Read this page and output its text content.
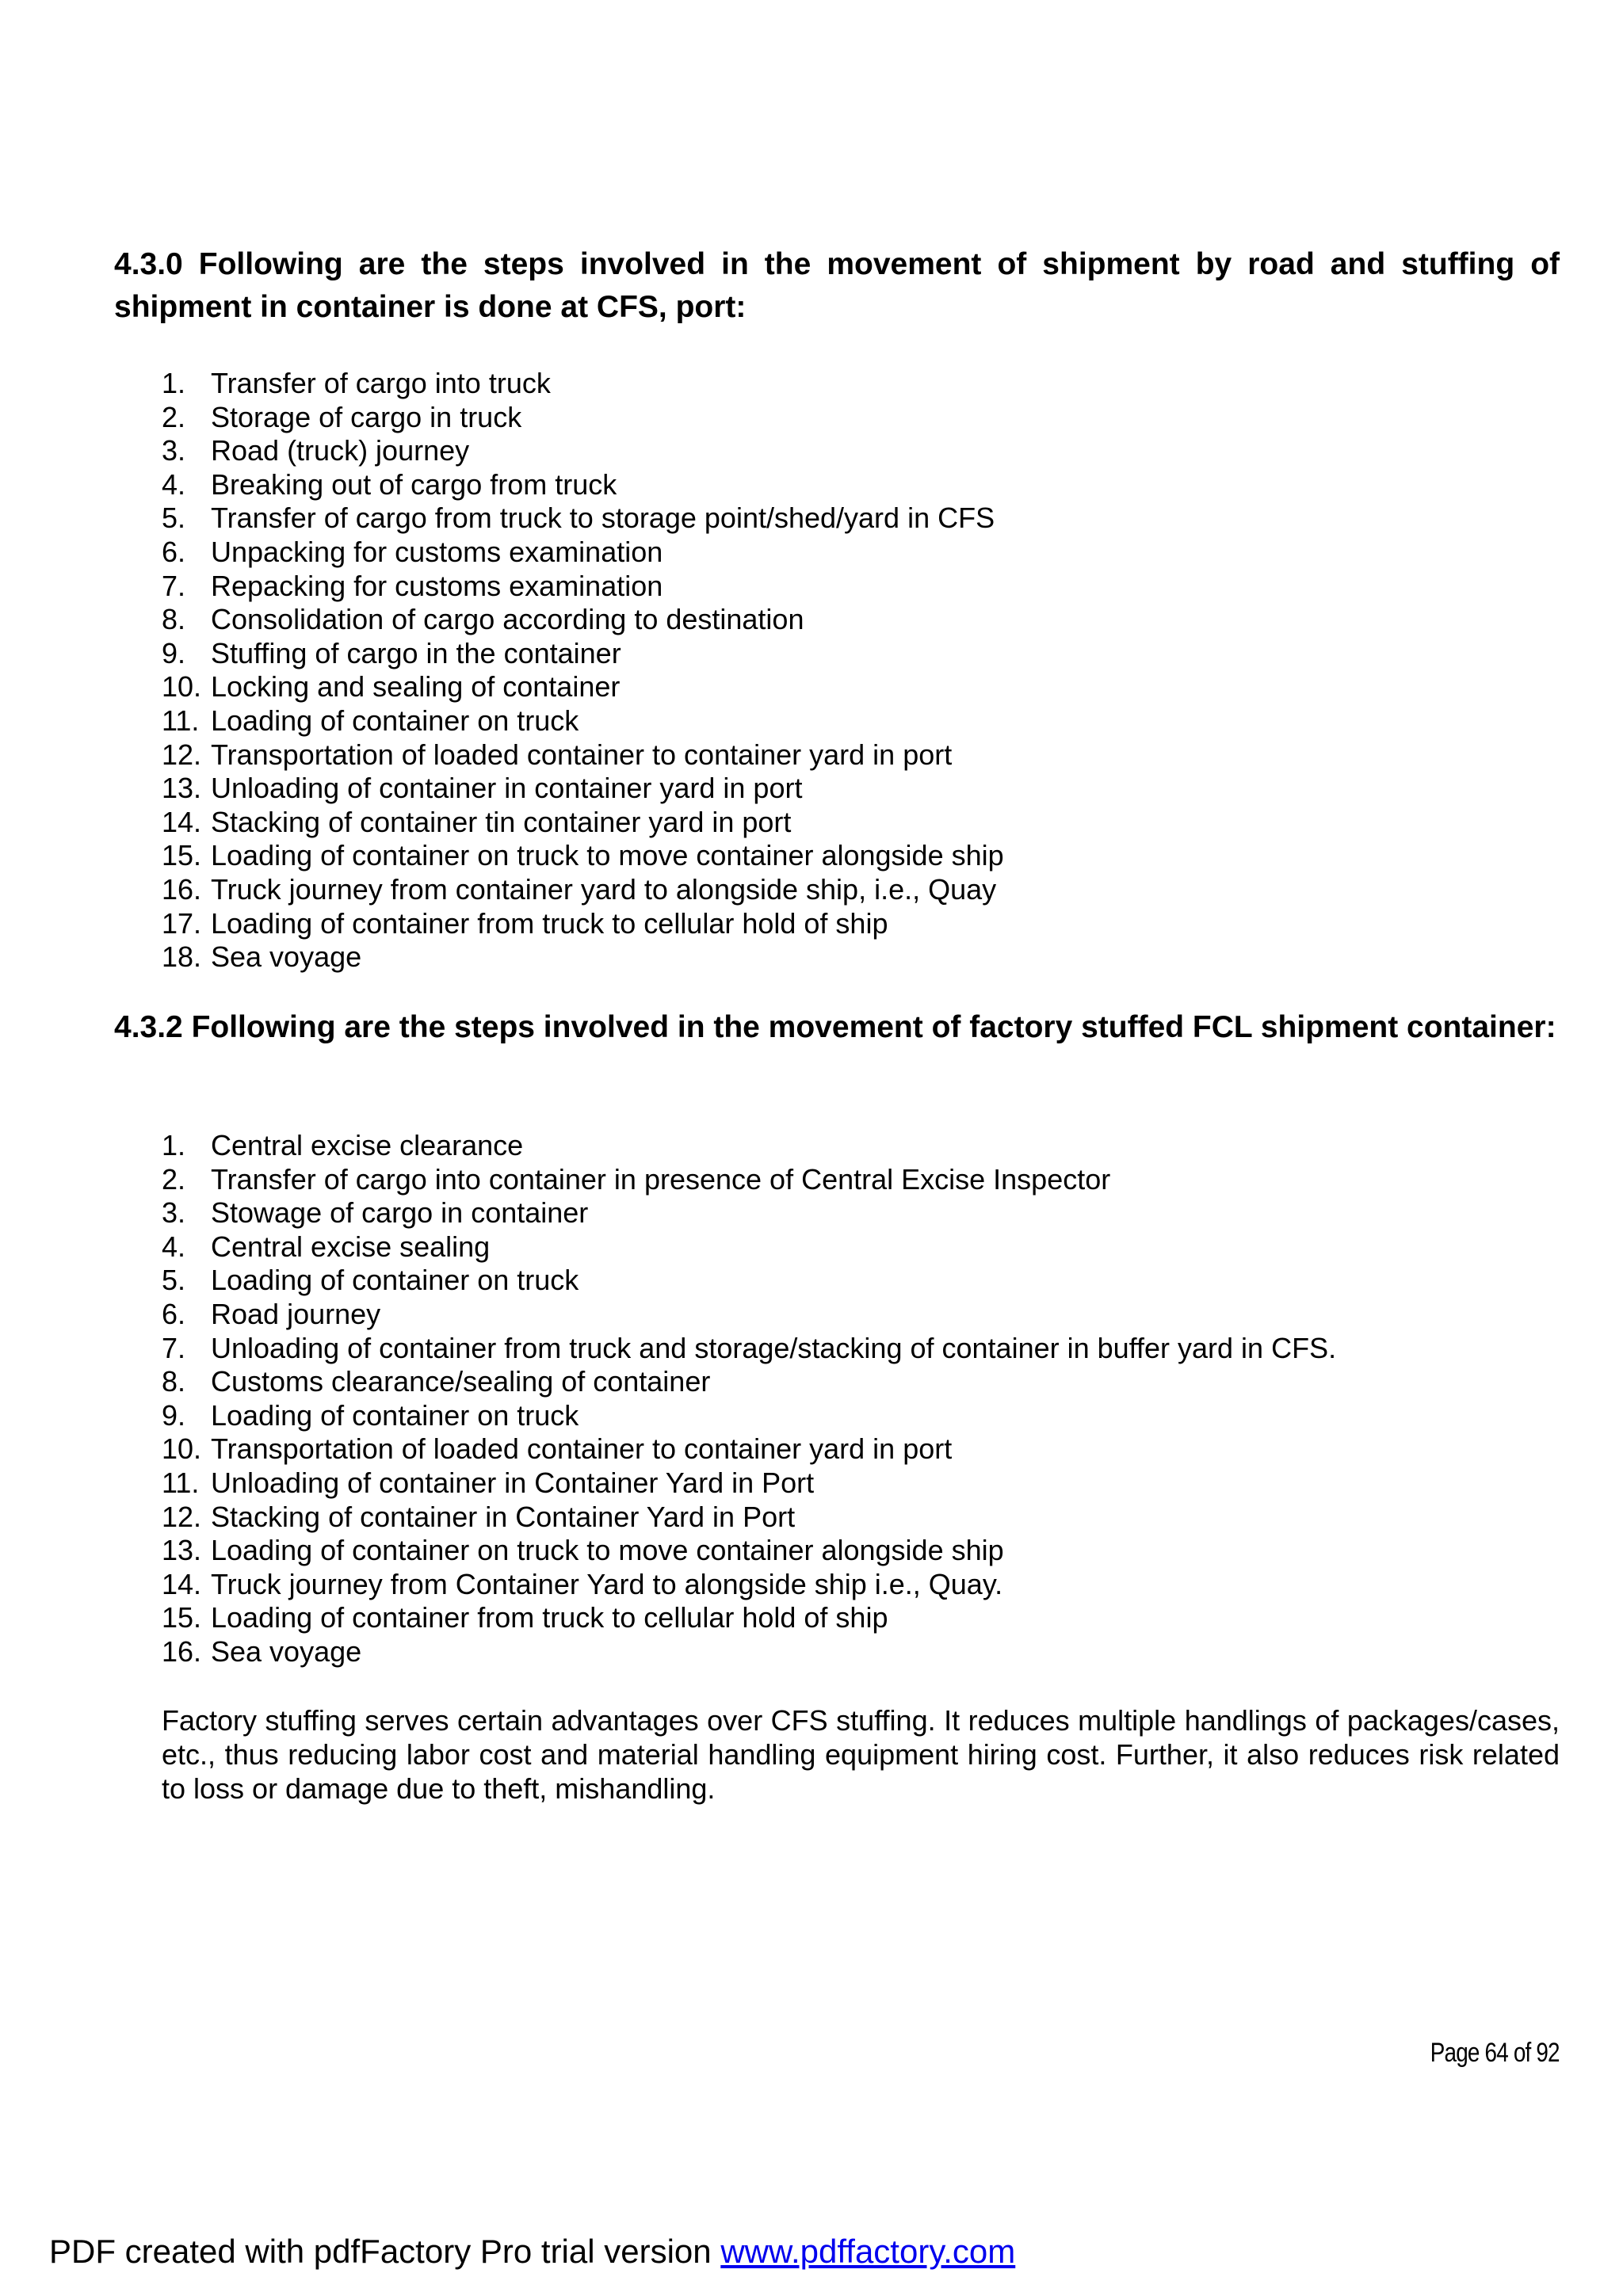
4.3.0 Following are the steps involved in the movement of shipment by road and stuffing of shipment in container is done at CFS, port:
1. Transfer of cargo into truck
2. Storage of cargo in truck
3. Road (truck) journey
4. Breaking out of cargo from truck
5. Transfer of cargo from truck to storage point/shed/yard in CFS
6. Unpacking for customs examination
7. Repacking for customs examination
8. Consolidation of cargo according to destination
9. Stuffing of cargo in the container
10. Locking and sealing of container
11. Loading of container on truck
12. Transportation of loaded container to container yard in port
13. Unloading of container in container yard in port
14. Stacking of container tin container yard in port
15. Loading of container on truck to move container alongside ship
16. Truck journey from container yard to alongside ship, i.e., Quay
17. Loading of container from truck to cellular hold of ship
18. Sea voyage
4.3.2 Following are the steps involved in the movement of factory stuffed FCL shipment container:
1. Central excise clearance
2. Transfer of cargo into container in presence of Central Excise Inspector
3. Stowage of cargo in container
4. Central excise sealing
5. Loading of container on truck
6. Road journey
7. Unloading of container from truck and storage/stacking of container in buffer yard in CFS.
8. Customs clearance/sealing of container
9. Loading of container on truck
10. Transportation of loaded container to container yard in port
11. Unloading of container in Container Yard in Port
12. Stacking of container in Container Yard in Port
13. Loading of container on truck to move container alongside ship
14. Truck journey from Container Yard to alongside ship i.e., Quay.
15. Loading of container from truck to cellular hold of ship
16. Sea voyage

Factory stuffing serves certain advantages over CFS stuffing. It reduces multiple handlings of packages/cases, etc., thus reducing labor cost and material handling equipment hiring cost. Further, it also reduces risk related to loss or damage due to theft, mishandling.

Page 64 of 92
PDF created with pdfFactory Pro trial version www.pdffactory.com
